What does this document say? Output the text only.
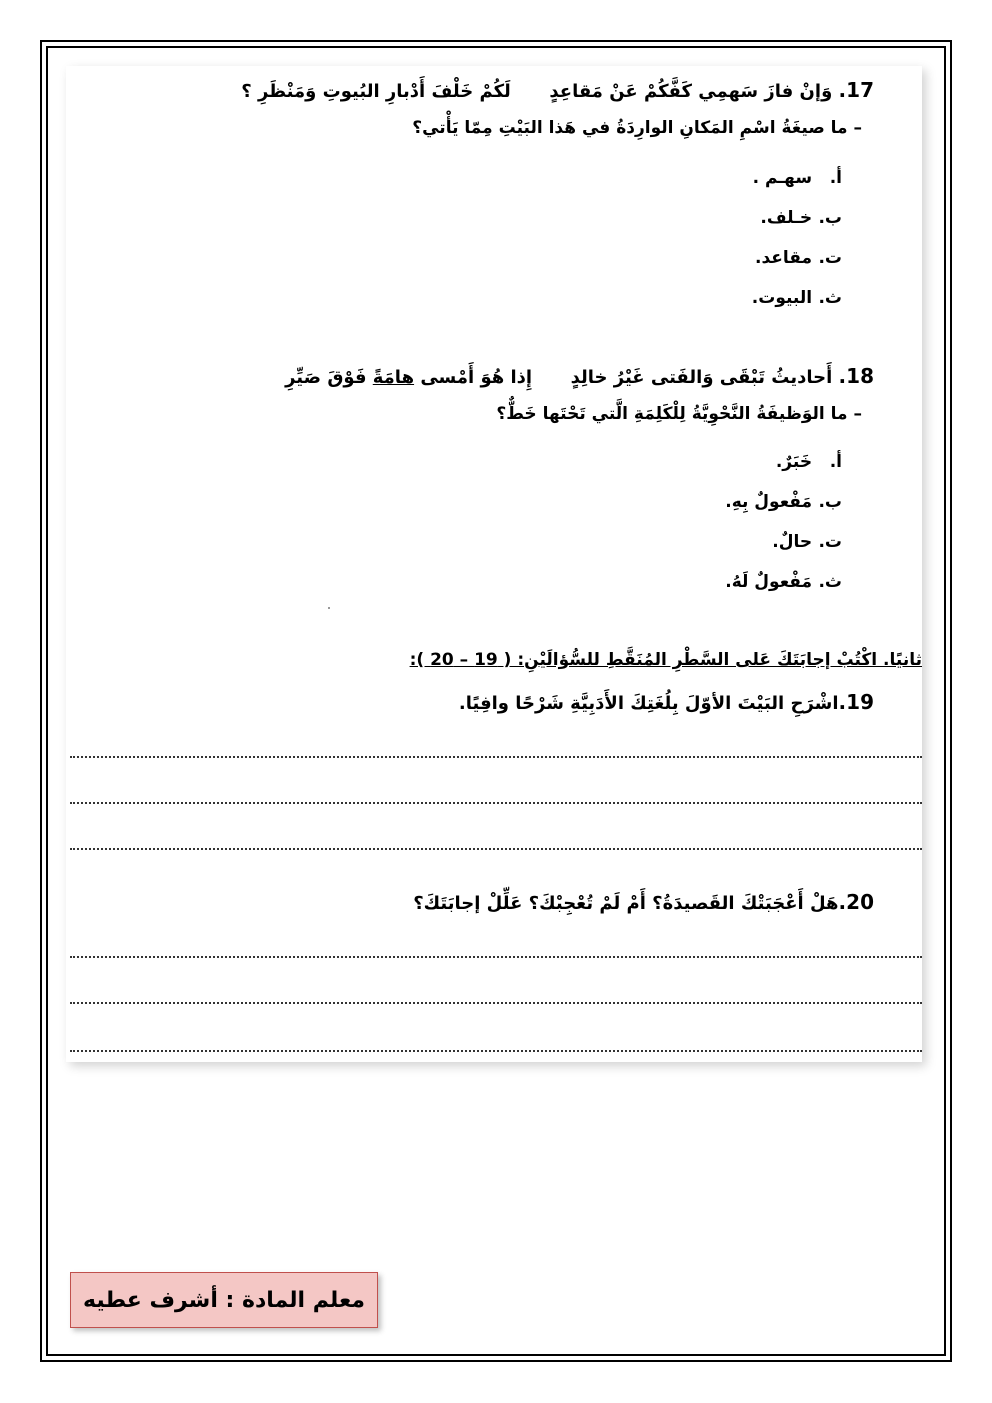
17. وَإنْ فازَ سَهمِي كَفَّكُمْ عَنْ مَقاعِدٍ  لَكُمْ خَلْفَ أَدْبارِ البُيوتِ وَمَنْظَرِ ؟
– ما صيغَةُ اسْمِ المَكانِ الوارِدَةُ في هَذا البَيْتِ مِمّا يَأْتي؟
أ. سهـم .
ب. خـلف.
ت. مقاعد.
ث. البيوت.
18. أَحاديثُ تَبْقَى وَالفَتى غَيْرُ خالِدٍ  إِذا هُوَ أَمْسى هامَةً فَوْقَ صَيِّرِ
– ما الوَظيفَةُ النَّحْوِيَّةُ لِلْكَلِمَةِ الَّتي تَحْتَها خَطٌّ؟
أ. خَبَرٌ.
ب. مَفْعولٌ بِهِ.
ت. حالٌ.
ث. مَفْعولٌ لَهُ.
ثانيًا. اكْتُبْ إجابَتَكَ عَلى السَّطْرِ المُنَقَّطِ للسُّؤالَيْنِ: ( 19 – 20 ):
19.اشْرَحِ البَيْتَ الأوّلَ بِلُغَتِكَ الأَدَبِيَّةِ شَرْحًا وافِيًا.
20.هَلْ أَعْجَبَتْكَ القَصيدَةُ؟ أَمْ لَمْ تُعْجِبْكَ؟ عَلِّلْ إجابَتَكَ؟
معلم المادة : أشرف عطيه
